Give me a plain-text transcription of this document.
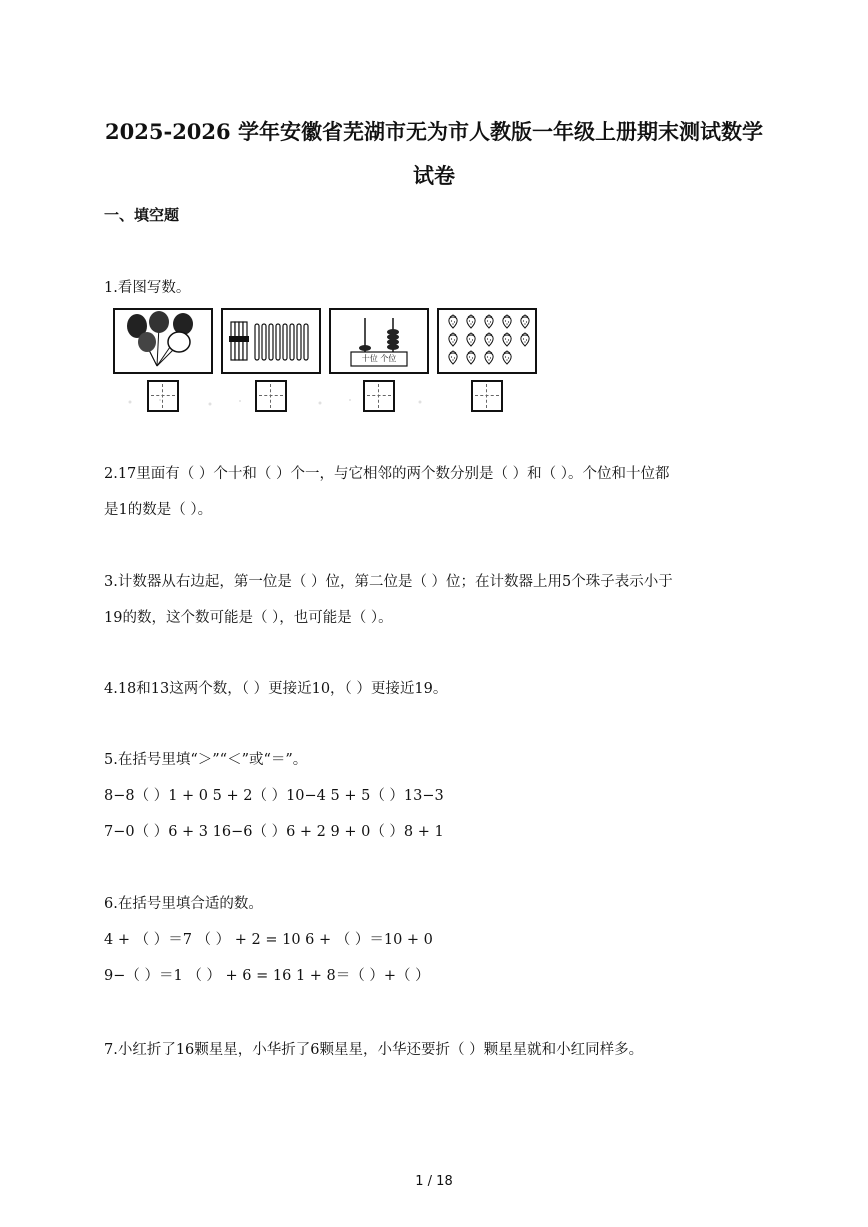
2025-2026 学年安徽省芜湖市无为市人教版一年级上册期末测试数学
试卷
一、填空题
1.看图写数。
十位 个位
2.17里面有（ ）个十和（ ）个一，与它相邻的两个数分别是（ ）和（ ）。个位和十位都
是1的数是（ ）。
3.计数器从右边起，第一位是（ ）位，第二位是（ ）位；在计数器上用5个珠子表示小于
19的数，这个数可能是（ ），也可能是（ ）。
4.18和13这两个数，（ ）更接近10，（ ）更接近19。
5.在括号里填“＞”“＜”或“＝”。
8−8（ ）1 + 0 5 + 2（ ）10−4 5 + 5（ ）13−3
7−0（ ）6 + 3 16−6（ ）6 + 2 9 + 0（ ）8 + 1
6.在括号里填合适的数。
4 + （ ）＝7 （ ） + 2 = 10 6 + （ ）＝10 + 0
9−（ ）＝1 （ ） + 6 = 16 1 + 8＝（ ）+（ ）
7.小红折了16颗星星，小华折了6颗星星，小华还要折（ ）颗星星就和小红同样多。
1 / 18
